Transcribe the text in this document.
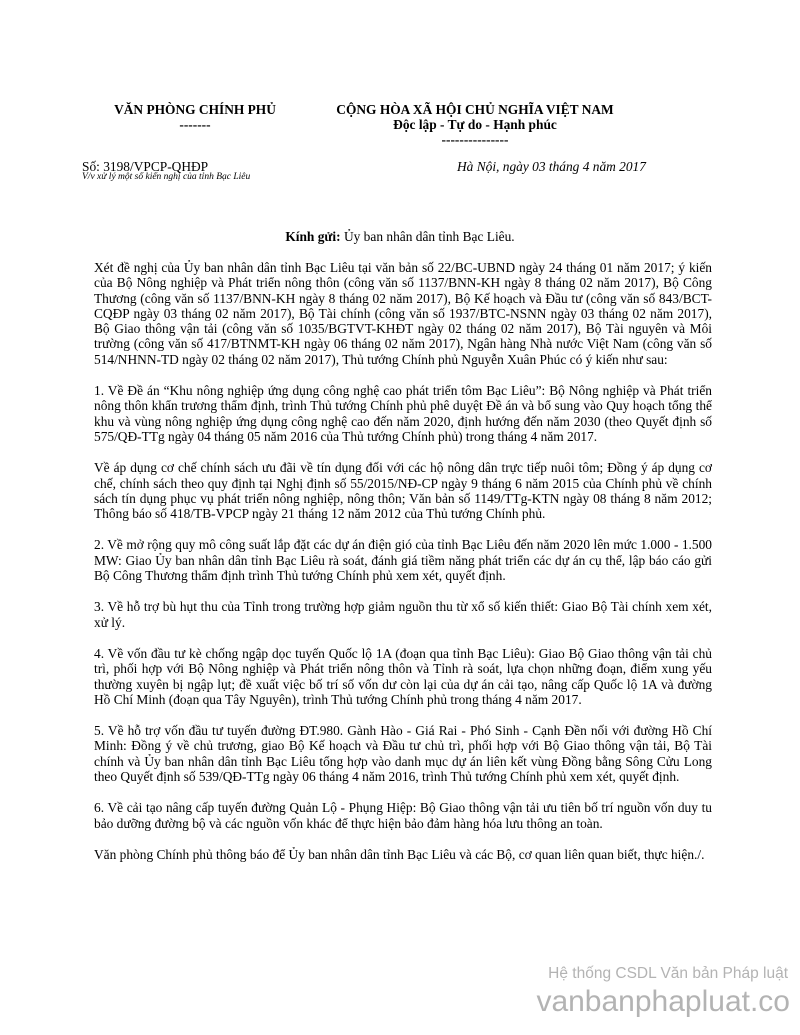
VĂN PHÒNG CHÍNH PHỦ
-------
CỘNG HÒA XÃ HỘI CHỦ NGHĨA VIỆT NAM
Độc lập - Tự do - Hạnh phúc
---------------
Số: 3198/VPCP-QHĐP
V/v xử lý một số kiến nghị của tỉnh Bạc Liêu
Hà Nội, ngày 03 tháng 4 năm 2017
Kính gửi: Ủy ban nhân dân tỉnh Bạc Liêu.

Xét đề nghị của Ủy ban nhân dân tỉnh Bạc Liêu tại văn bản số 22/BC-UBND ngày 24 tháng 01 năm 2017; ý kiến của Bộ Nông nghiệp và Phát triển nông thôn (công văn số 1137/BNN-KH ngày 8 tháng 02 năm 2017), Bộ Công Thương (công văn số 1137/BNN-KH ngày 8 tháng 02 năm 2017), Bộ Kế hoạch và Đầu tư (công văn số 843/BCT-CQĐP ngày 03 tháng 02 năm 2017), Bộ Tài chính (công văn số 1937/BTC-NSNN ngày 03 tháng 02 năm 2017), Bộ Giao thông vận tải (công văn số 1035/BGTVT-KHĐT ngày 02 tháng 02 năm 2017), Bộ Tài nguyên và Môi trường (công văn số 417/BTNMT-KH ngày 06 tháng 02 năm 2017), Ngân hàng Nhà nước Việt Nam (công văn số 514/NHNN-TD ngày 02 tháng 02 năm 2017), Thủ tướng Chính phủ Nguyễn Xuân Phúc có ý kiến như sau:

1. Về Đề án “Khu nông nghiệp ứng dụng công nghệ cao phát triển tôm Bạc Liêu”: Bộ Nông nghiệp và Phát triển nông thôn khẩn trương thẩm định, trình Thủ tướng Chính phủ phê duyệt Đề án và bổ sung vào Quy hoạch tổng thể khu và vùng nông nghiệp ứng dụng công nghệ cao đến năm 2020, định hướng đến năm 2030 (theo Quyết định số 575/QĐ-TTg ngày 04 tháng 05 năm 2016 của Thủ tướng Chính phủ) trong tháng 4 năm 2017.

Về áp dụng cơ chế chính sách ưu đãi về tín dụng đối với các hộ nông dân trực tiếp nuôi tôm; Đồng ý áp dụng cơ chế, chính sách theo quy định tại Nghị định số 55/2015/NĐ-CP ngày 9 tháng 6 năm 2015 của Chính phủ về chính sách tín dụng phục vụ phát triển nông nghiệp, nông thôn; Văn bản số 1149/TTg-KTN ngày 08 tháng 8 năm 2012; Thông báo số 418/TB-VPCP ngày 21 tháng 12 năm 2012 của Thủ tướng Chính phủ.

2. Về mở rộng quy mô công suất lắp đặt các dự án điện gió của tỉnh Bạc Liêu đến năm 2020 lên mức 1.000 - 1.500 MW: Giao Ủy ban nhân dân tỉnh Bạc Liêu rà soát, đánh giá tiềm năng phát triển các dự án cụ thể, lập báo cáo gửi Bộ Công Thương thẩm định trình Thủ tướng Chính phủ xem xét, quyết định.

3. Về hỗ trợ bù hụt thu của Tỉnh trong trường hợp giảm nguồn thu từ xổ số kiến thiết: Giao Bộ Tài chính xem xét, xử lý.

4. Về vốn đầu tư kè chống ngập dọc tuyến Quốc lộ 1A (đoạn qua tỉnh Bạc Liêu): Giao Bộ Giao thông vận tải chủ trì, phối hợp với Bộ Nông nghiệp và Phát triển nông thôn và Tỉnh rà soát, lựa chọn những đoạn, điểm xung yếu thường xuyên bị ngập lụt; đề xuất việc bố trí số vốn dư còn lại của dự án cải tạo, nâng cấp Quốc lộ 1A và đường Hồ Chí Minh (đoạn qua Tây Nguyên), trình Thủ tướng Chính phủ trong tháng 4 năm 2017.

5. Về hỗ trợ vốn đầu tư tuyến đường ĐT.980. Gành Hào - Giá Rai - Phó Sinh - Cạnh Đền nối với đường Hồ Chí Minh: Đồng ý về chủ trương, giao Bộ Kế hoạch và Đầu tư chủ trì, phối hợp với Bộ Giao thông vận tải, Bộ Tài chính và Ủy ban nhân dân tỉnh Bạc Liêu tổng hợp vào danh mục dự án liên kết vùng Đồng bằng Sông Cửu Long theo Quyết định số 539/QĐ-TTg ngày 06 tháng 4 năm 2016, trình Thủ tướng Chính phủ xem xét, quyết định.

6. Về cải tạo nâng cấp tuyến đường Quản Lộ - Phụng Hiệp: Bộ Giao thông vận tải ưu tiên bố trí nguồn vốn duy tu bảo dưỡng đường bộ và các nguồn vốn khác để thực hiện bảo đảm hàng hóa lưu thông an toàn.

Văn phòng Chính phủ thông báo để Ủy ban nhân dân tỉnh Bạc Liêu và các Bộ, cơ quan liên quan biết, thực hiện./.

Hệ thống CSDL Văn bản Pháp luật
vanbanphapluat.co
